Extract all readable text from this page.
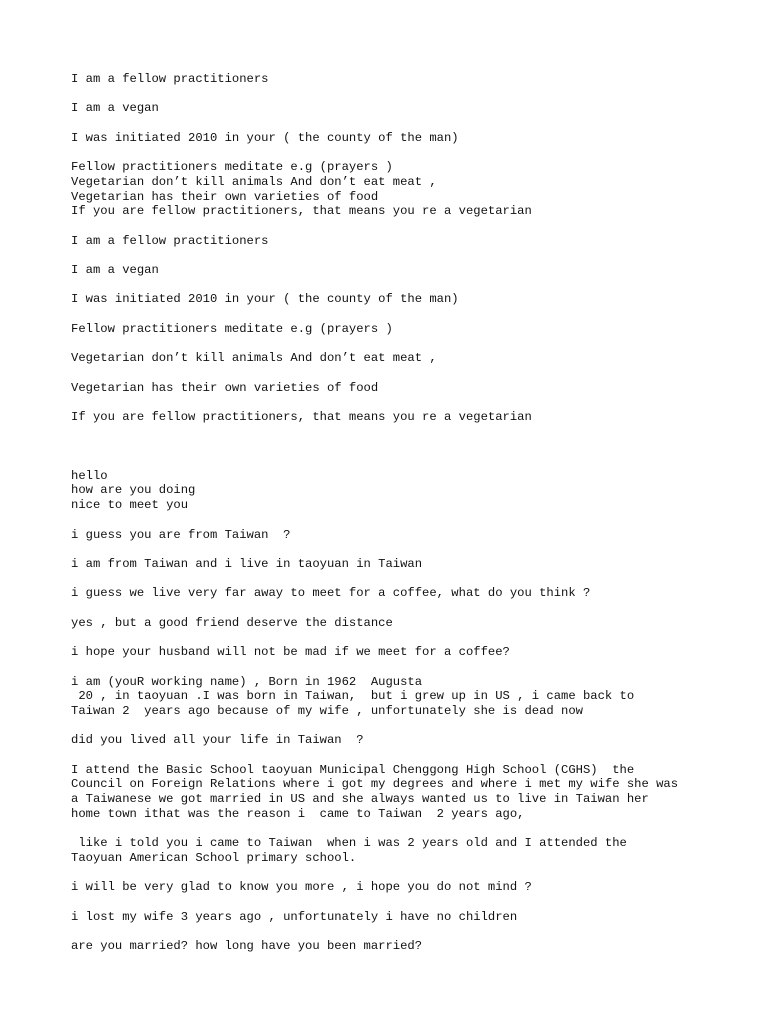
I am a fellow practitioners
I am a vegan
I was initiated 2010 in your ( the county of the man)
Fellow practitioners meditate e.g (prayers )
Vegetarian don’t kill animals And don’t eat meat ,
Vegetarian has their own varieties of food
If you are fellow practitioners, that means you re a vegetarian
I am a fellow practitioners
I am a vegan
I was initiated 2010 in your ( the county of the man)
Fellow practitioners meditate e.g (prayers )
Vegetarian don’t kill animals And don’t eat meat ,
Vegetarian has their own varieties of food
If you are fellow practitioners, that means you re a vegetarian
hello
how are you doing
nice to meet you
i guess you are from Taiwan  ?
i am from Taiwan and i live in taoyuan in Taiwan
i guess we live very far away to meet for a coffee, what do you think ?
yes , but a good friend deserve the distance
i hope your husband will not be mad if we meet for a coffee?
i am (youR working name) , Born in 1962  Augusta
20 , in taoyuan .I was born in Taiwan,  but i grew up in US , i came back to
Taiwan 2  years ago because of my wife , unfortunately she is dead now
did you lived all your life in Taiwan  ?
I attend the Basic School taoyuan Municipal Chenggong High School (CGHS)  the
Council on Foreign Relations where i got my degrees and where i met my wife she was
a Taiwanese we got married in US and she always wanted us to live in Taiwan her
home town ithat was the reason i  came to Taiwan  2 years ago,
like i told you i came to Taiwan  when i was 2 years old and I attended the
Taoyuan American School primary school.
i will be very glad to know you more , i hope you do not mind ?
i lost my wife 3 years ago , unfortunately i have no children
are you married? how long have you been married?
